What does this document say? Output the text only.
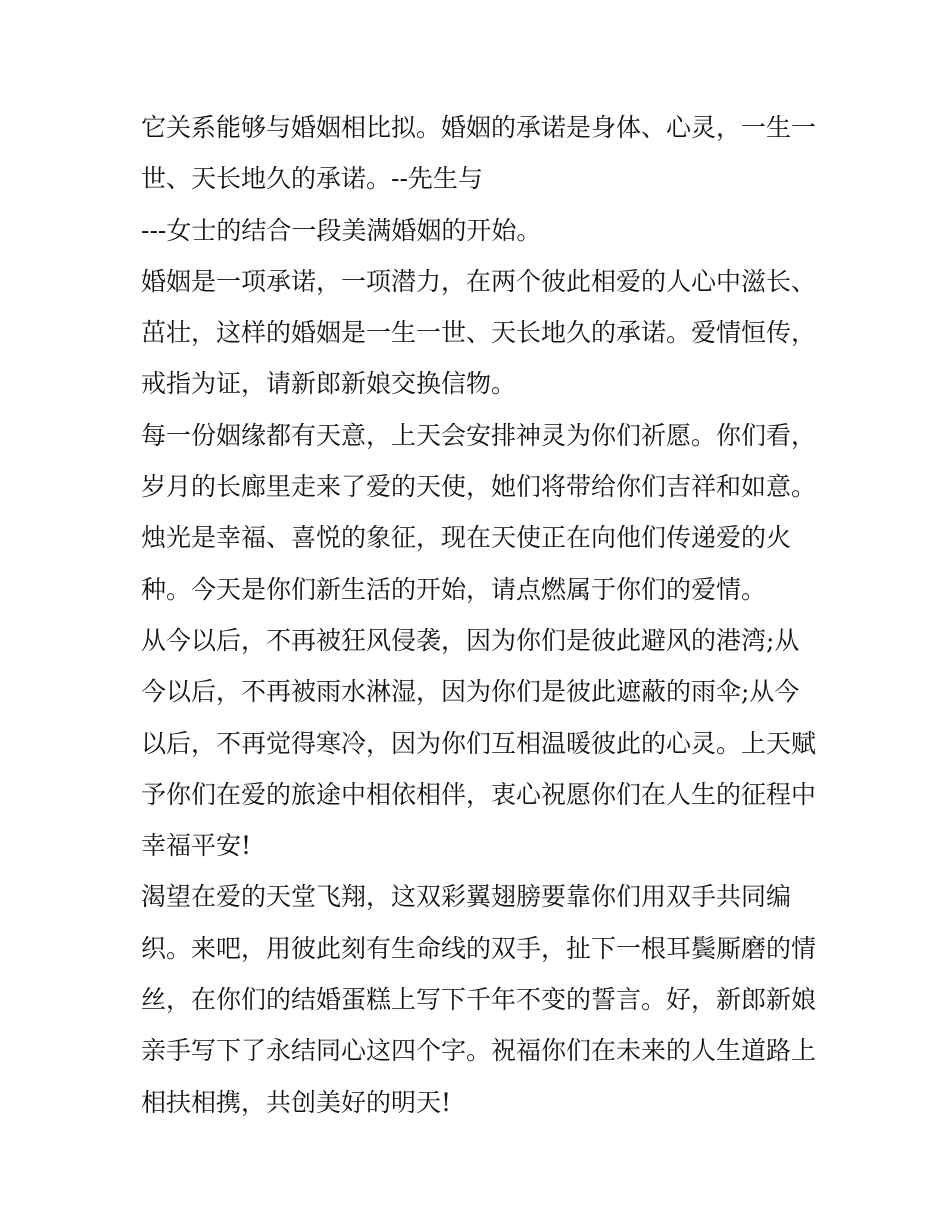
它关系能够与婚姻相比拟。婚姻的承诺是身体、心灵，一生一
世、天长地久的承诺。--先生与
---女士的结合一段美满婚姻的开始。
婚姻是一项承诺，一项潜力，在两个彼此相爱的人心中滋长、
茁壮，这样的婚姻是一生一世、天长地久的承诺。爱情恒传，
戒指为证，请新郎新娘交换信物。
每一份姻缘都有天意，上天会安排神灵为你们祈愿。你们看，
岁月的长廊里走来了爱的天使，她们将带给你们吉祥和如意。
烛光是幸福、喜悦的象征，现在天使正在向他们传递爱的火
种。今天是你们新生活的开始，请点燃属于你们的爱情。
从今以后，不再被狂风侵袭，因为你们是彼此避风的港湾;从
今以后，不再被雨水淋湿，因为你们是彼此遮蔽的雨伞;从今
以后，不再觉得寒冷，因为你们互相温暖彼此的心灵。上天赋
予你们在爱的旅途中相依相伴，衷心祝愿你们在人生的征程中
幸福平安!
渴望在爱的天堂飞翔，这双彩翼翅膀要靠你们用双手共同编
织。来吧，用彼此刻有生命线的双手，扯下一根耳鬓厮磨的情
丝，在你们的结婚蛋糕上写下千年不变的誓言。好，新郎新娘
亲手写下了永结同心这四个字。祝福你们在未来的人生道路上
相扶相携，共创美好的明天!
